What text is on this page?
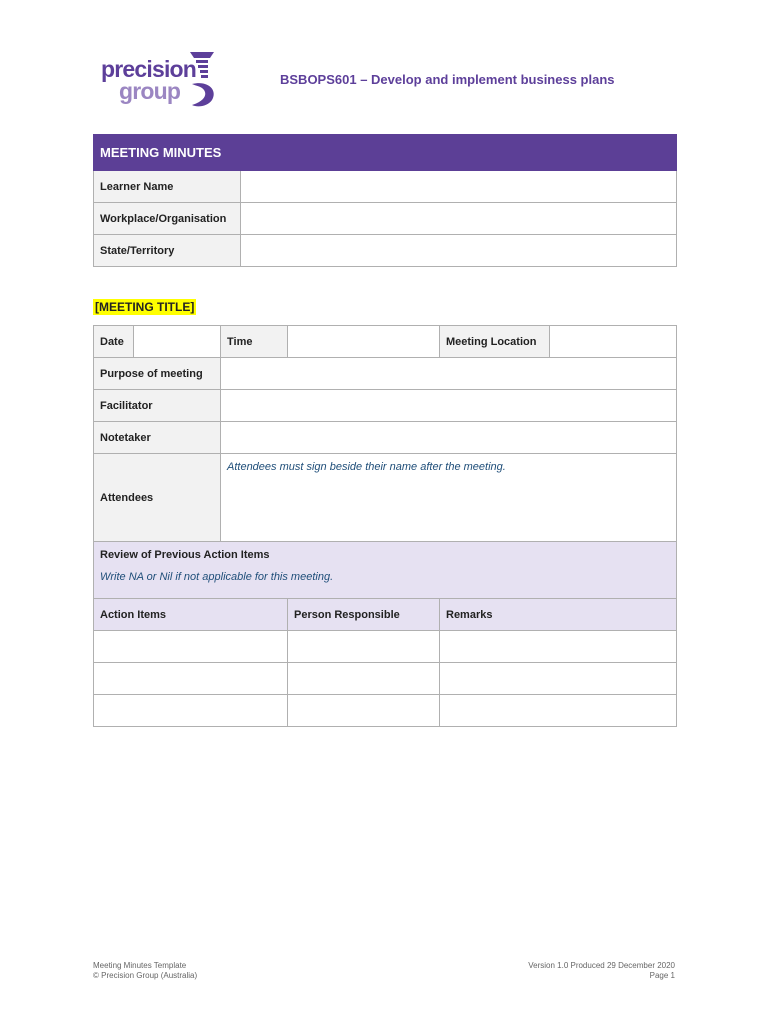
precision
group	BSBOPS601 – Develop and implement business plans
MEETING MINUTES	
Learner Name	
Workplace/Organisation	
State/Territory	
[MEETING TITLE]
Date		Time		Meeting Location	
Purpose of meeting					
Facilitator					
Notetaker					
Attendees		Attendees must sign beside their name after the meeting.			

Review of Previous Action Items
Write NA or Nil if not applicable for this meeting.					

Action Items			Person Responsible	Remarks	

Meeting Minutes Template
© Precision Group (Australia)
Version 1.0 Produced 29 December 2020
Page 1
